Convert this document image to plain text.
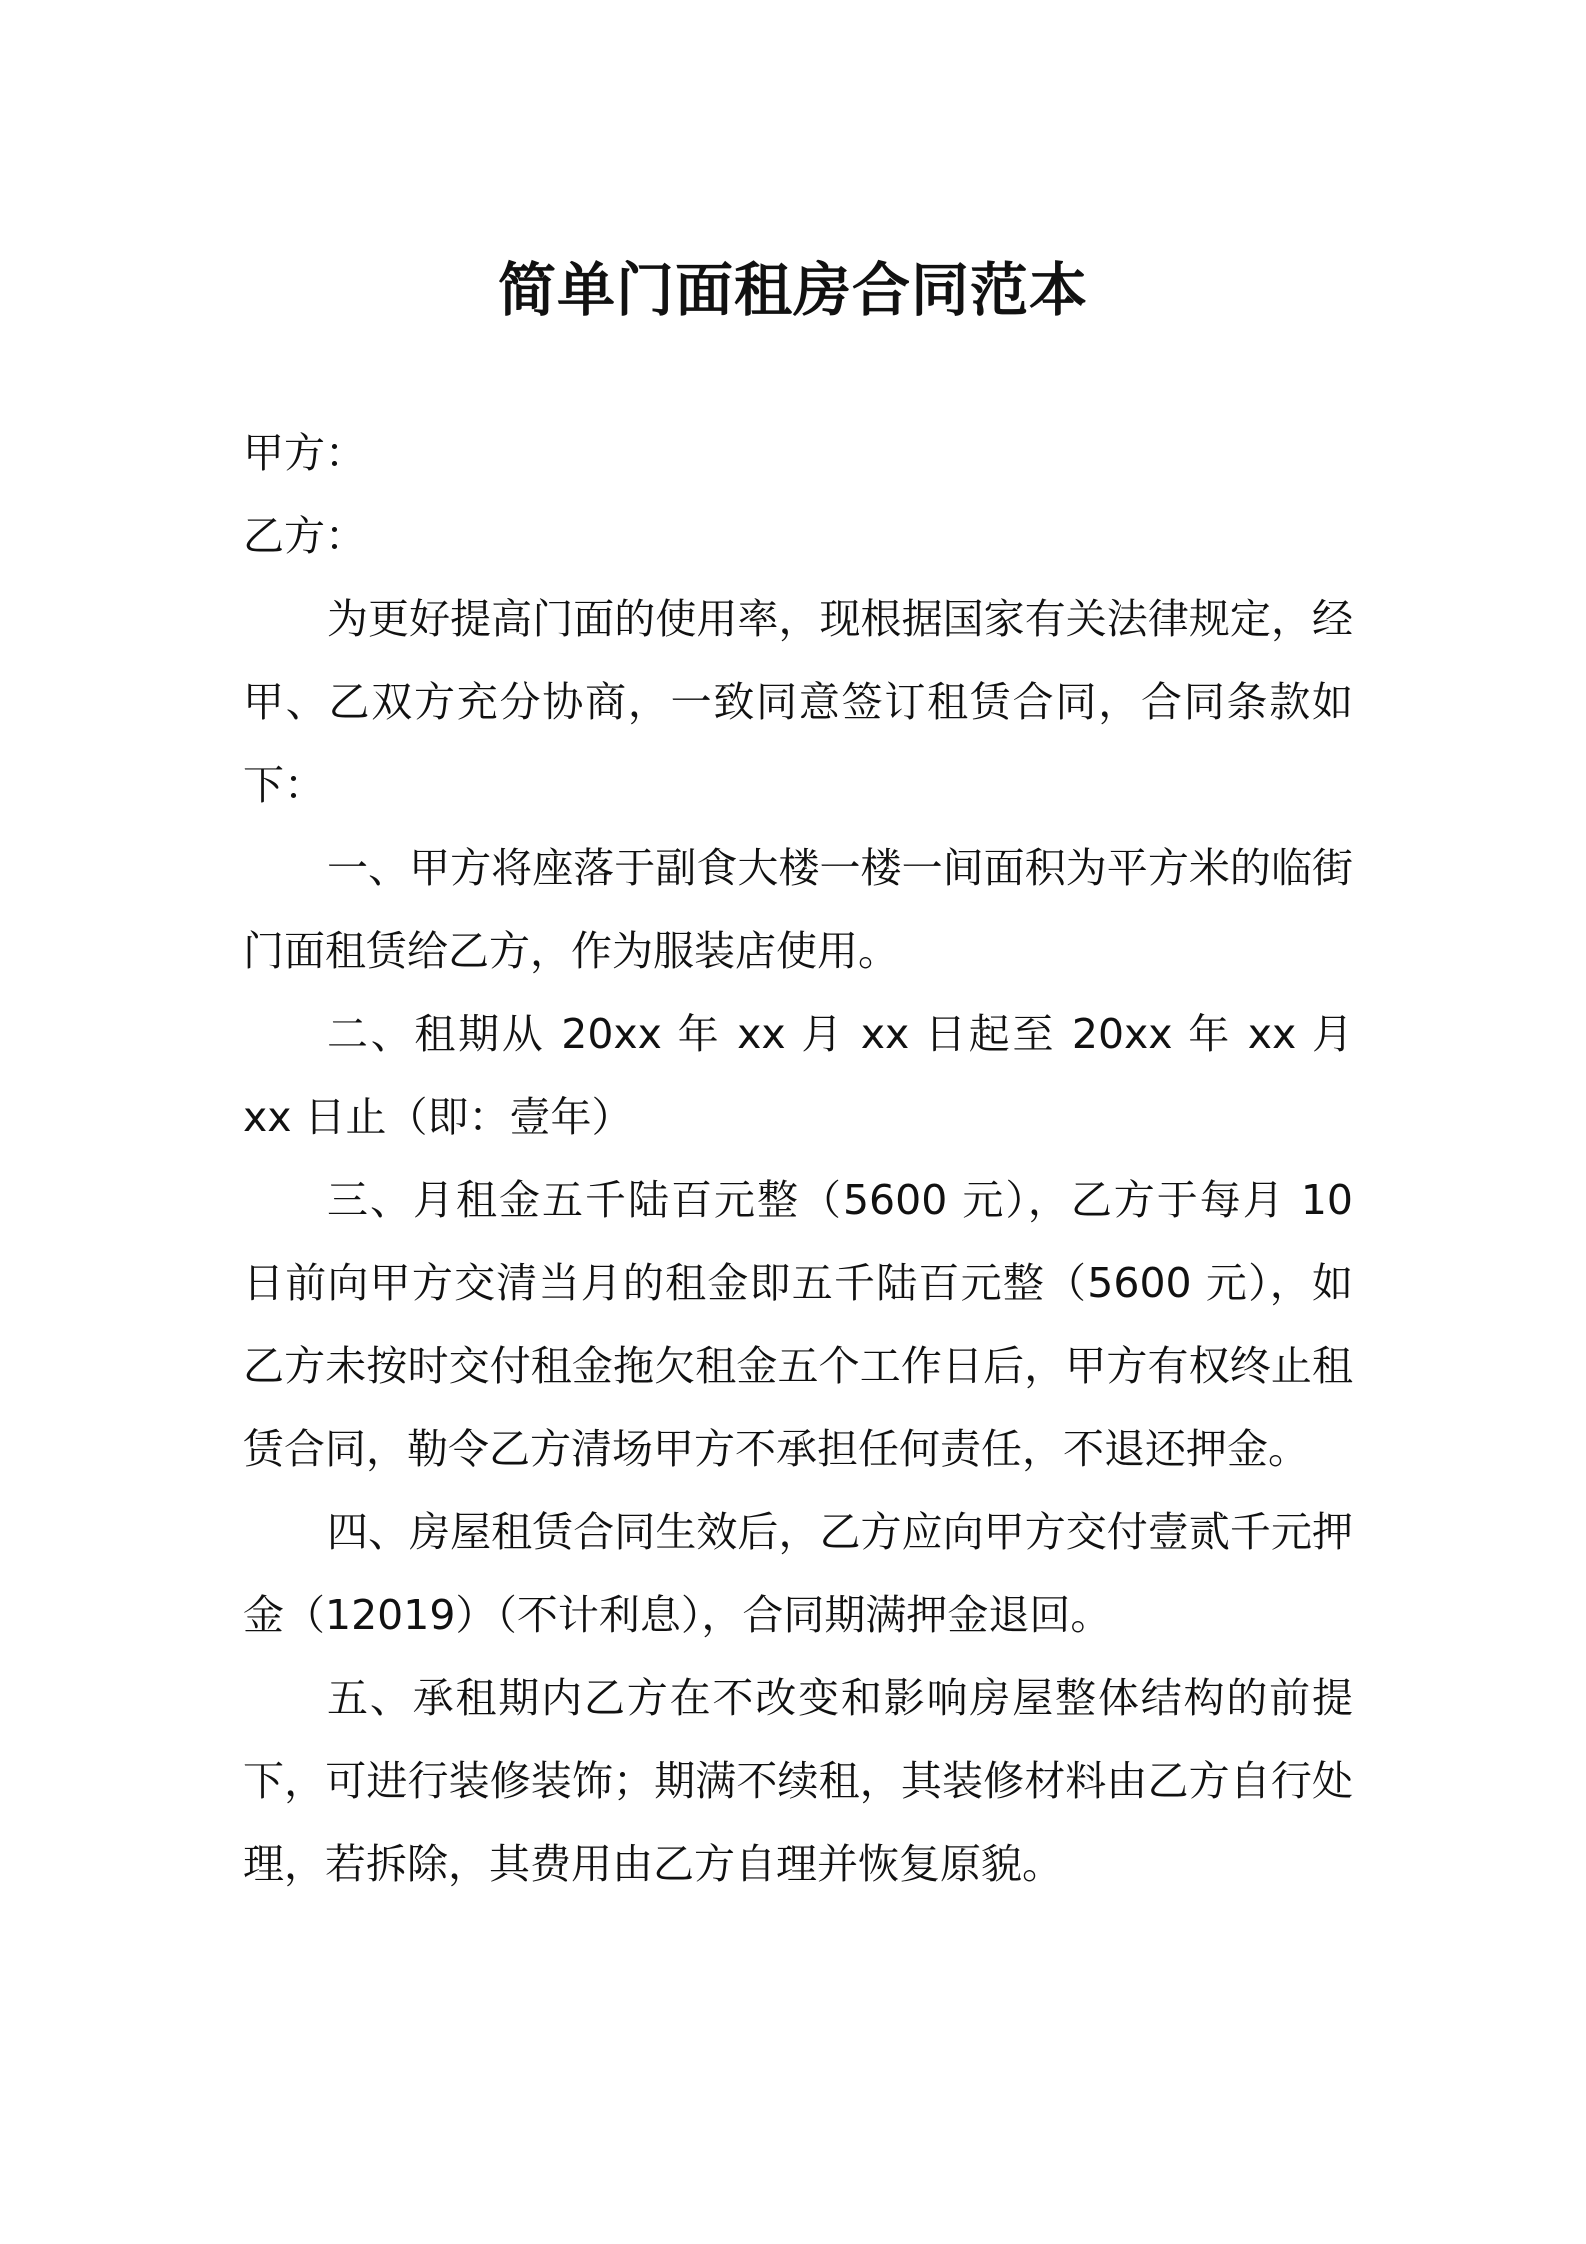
简单门面租房合同范本

甲方：

乙方：

为更好提高门面的使用率，现根据国家有关法律规定，经甲、乙双方充分协商，一致同意签订租赁合同，合同条款如下：

一、甲方将座落于副食大楼一楼一间面积为平方米的临街门面租赁给乙方，作为服装店使用。

二、租期从 20xx 年 xx 月 xx 日起至 20xx 年 xx 月 xx 日止（即：壹年）

三、月租金五千陆百元整（5600 元），乙方于每月 10 日前向甲方交清当月的租金即五千陆百元整（5600 元），如乙方未按时交付租金拖欠租金五个工作日后，甲方有权终止租赁合同，勒令乙方清场甲方不承担任何责任，不退还押金。

四、房屋租赁合同生效后，乙方应向甲方交付壹贰千元押金（12019）（不计利息），合同期满押金退回。

五、承租期内乙方在不改变和影响房屋整体结构的前提下，可进行装修装饰；期满不续租，其装修材料由乙方自行处理，若拆除，其费用由乙方自理并恢复原貌。
